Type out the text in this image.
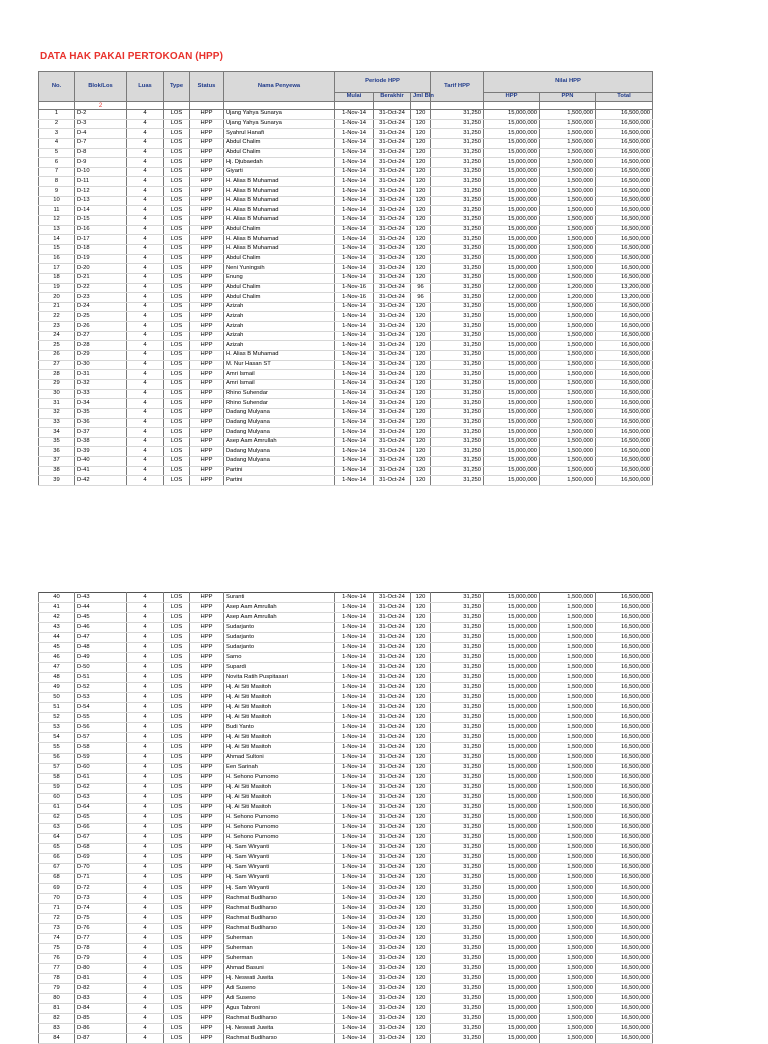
DATA HAK PAKAI PERTOKOAN (HPP)
No.	Blok/Los	Luas	Type	Status	Nama Penyewa	Periode HPP			Tarif HPP	Nilai HPP		
						Mulai	Berakhir	Jml Bln		HPP	PPN	Total
	2											
1	D-2	4	LOS	HPP	Ujang Yahya Sunarya	1-Nov-14	31-Oct-24	120	31,250	15,000,000	1,500,000	16,500,000
2	D-3	4	LOS	HPP	Ujang Yahya Sunarya	1-Nov-14	31-Oct-24	120	31,250	15,000,000	1,500,000	16,500,000
3	D-4	4	LOS	HPP	Syahrul Hanafi	1-Nov-14	31-Oct-24	120	31,250	15,000,000	1,500,000	16,500,000
4	D-7	4	LOS	HPP	Abdul Chalim	1-Nov-14	31-Oct-24	120	31,250	15,000,000	1,500,000	16,500,000
5	D-8	4	LOS	HPP	Abdul Chalim	1-Nov-14	31-Oct-24	120	31,250	15,000,000	1,500,000	16,500,000
6	D-9	4	LOS	HPP	Hj. Djubaedah	1-Nov-14	31-Oct-24	120	31,250	15,000,000	1,500,000	16,500,000
7	D-10	4	LOS	HPP	Giyarti	1-Nov-14	31-Oct-24	120	31,250	15,000,000	1,500,000	16,500,000
8	D-11	4	LOS	HPP	H. Alias B Muhamad	1-Nov-14	31-Oct-24	120	31,250	15,000,000	1,500,000	16,500,000
9	D-12	4	LOS	HPP	H. Alias B Muhamad	1-Nov-14	31-Oct-24	120	31,250	15,000,000	1,500,000	16,500,000
10	D-13	4	LOS	HPP	H. Alias B Muhamad	1-Nov-14	31-Oct-24	120	31,250	15,000,000	1,500,000	16,500,000
11	D-14	4	LOS	HPP	H. Alias B Muhamad	1-Nov-14	31-Oct-24	120	31,250	15,000,000	1,500,000	16,500,000
12	D-15	4	LOS	HPP	H. Alias B Muhamad	1-Nov-14	31-Oct-24	120	31,250	15,000,000	1,500,000	16,500,000
13	D-16	4	LOS	HPP	Abdul Chalim	1-Nov-14	31-Oct-24	120	31,250	15,000,000	1,500,000	16,500,000
14	D-17	4	LOS	HPP	H. Alias B Muhamad	1-Nov-14	31-Oct-24	120	31,250	15,000,000	1,500,000	16,500,000
15	D-18	4	LOS	HPP	H. Alias B Muhamad	1-Nov-14	31-Oct-24	120	31,250	15,000,000	1,500,000	16,500,000
16	D-19	4	LOS	HPP	Abdul Chalim	1-Nov-14	31-Oct-24	120	31,250	15,000,000	1,500,000	16,500,000
17	D-20	4	LOS	HPP	Neni Yuningsih	1-Nov-14	31-Oct-24	120	31,250	15,000,000	1,500,000	16,500,000
18	D-21	4	LOS	HPP	Enung	1-Nov-14	31-Oct-24	120	31,250	15,000,000	1,500,000	16,500,000
19	D-22	4	LOS	HPP	Abdul Chalim	1-Nov-16	31-Oct-24	96	31,250	12,000,000	1,200,000	13,200,000
20	D-23	4	LOS	HPP	Abdul Chalim	1-Nov-16	31-Oct-24	96	31,250	12,000,000	1,200,000	13,200,000
21	D-24	4	LOS	HPP	Azizah	1-Nov-14	31-Oct-24	120	31,250	15,000,000	1,500,000	16,500,000
22	D-25	4	LOS	HPP	Azizah	1-Nov-14	31-Oct-24	120	31,250	15,000,000	1,500,000	16,500,000
23	D-26	4	LOS	HPP	Azizah	1-Nov-14	31-Oct-24	120	31,250	15,000,000	1,500,000	16,500,000
24	D-27	4	LOS	HPP	Azizah	1-Nov-14	31-Oct-24	120	31,250	15,000,000	1,500,000	16,500,000
25	D-28	4	LOS	HPP	Azizah	1-Nov-14	31-Oct-24	120	31,250	15,000,000	1,500,000	16,500,000
26	D-29	4	LOS	HPP	H. Alias B Muhamad	1-Nov-14	31-Oct-24	120	31,250	15,000,000	1,500,000	16,500,000
27	D-30	4	LOS	HPP	M. Nur Hasan ST	1-Nov-14	31-Oct-24	120	31,250	15,000,000	1,500,000	16,500,000
28	D-31	4	LOS	HPP	Amri Ismail	1-Nov-14	31-Oct-24	120	31,250	15,000,000	1,500,000	16,500,000
29	D-32	4	LOS	HPP	Amri Ismail	1-Nov-14	31-Oct-24	120	31,250	15,000,000	1,500,000	16,500,000
30	D-33	4	LOS	HPP	Rhino Suhendar	1-Nov-14	31-Oct-24	120	31,250	15,000,000	1,500,000	16,500,000
31	D-34	4	LOS	HPP	Rhino Suhendar	1-Nov-14	31-Oct-24	120	31,250	15,000,000	1,500,000	16,500,000
32	D-35	4	LOS	HPP	Dadang Mulyana	1-Nov-14	31-Oct-24	120	31,250	15,000,000	1,500,000	16,500,000
33	D-36	4	LOS	HPP	Dadang Mulyana	1-Nov-14	31-Oct-24	120	31,250	15,000,000	1,500,000	16,500,000
34	D-37	4	LOS	HPP	Dadang Mulyana	1-Nov-14	31-Oct-24	120	31,250	15,000,000	1,500,000	16,500,000
35	D-38	4	LOS	HPP	Asep Aam Amrullah	1-Nov-14	31-Oct-24	120	31,250	15,000,000	1,500,000	16,500,000
36	D-39	4	LOS	HPP	Dadang Mulyana	1-Nov-14	31-Oct-24	120	31,250	15,000,000	1,500,000	16,500,000
37	D-40	4	LOS	HPP	Dadang Mulyana	1-Nov-14	31-Oct-24	120	31,250	15,000,000	1,500,000	16,500,000
38	D-41	4	LOS	HPP	Partini	1-Nov-14	31-Oct-24	120	31,250	15,000,000	1,500,000	16,500,000
39	D-42	4	LOS	HPP	Partini	1-Nov-14	31-Oct-24	120	31,250	15,000,000	1,500,000	16,500,000
40	D-43	4	LOS	HPP	Suranti	1-Nov-14	31-Oct-24	120	31,250	15,000,000	1,500,000	16,500,000
41	D-44	4	LOS	HPP	Asep Aam Amrullah	1-Nov-14	31-Oct-24	120	31,250	15,000,000	1,500,000	16,500,000
42	D-45	4	LOS	HPP	Asep Aam Amrullah	1-Nov-14	31-Oct-24	120	31,250	15,000,000	1,500,000	16,500,000
43	D-46	4	LOS	HPP	Sudarjanto	1-Nov-14	31-Oct-24	120	31,250	15,000,000	1,500,000	16,500,000
44	D-47	4	LOS	HPP	Sudarjanto	1-Nov-14	31-Oct-24	120	31,250	15,000,000	1,500,000	16,500,000
45	D-48	4	LOS	HPP	Sudarjanto	1-Nov-14	31-Oct-24	120	31,250	15,000,000	1,500,000	16,500,000
46	D-49	4	LOS	HPP	Sarno	1-Nov-14	31-Oct-24	120	31,250	15,000,000	1,500,000	16,500,000
47	D-50	4	LOS	HPP	Supardi	1-Nov-14	31-Oct-24	120	31,250	15,000,000	1,500,000	16,500,000
48	D-51	4	LOS	HPP	Novita Ratih Puspitasari	1-Nov-14	31-Oct-24	120	31,250	15,000,000	1,500,000	16,500,000
49	D-52	4	LOS	HPP	Hj. Ai Siti Masitoh	1-Nov-14	31-Oct-24	120	31,250	15,000,000	1,500,000	16,500,000
50	D-53	4	LOS	HPP	Hj. Ai Siti Masitoh	1-Nov-14	31-Oct-24	120	31,250	15,000,000	1,500,000	16,500,000
51	D-54	4	LOS	HPP	Hj. Ai Siti Masitoh	1-Nov-14	31-Oct-24	120	31,250	15,000,000	1,500,000	16,500,000
52	D-55	4	LOS	HPP	Hj. Ai Siti Masitoh	1-Nov-14	31-Oct-24	120	31,250	15,000,000	1,500,000	16,500,000
53	D-56	4	LOS	HPP	Budi Yanto	1-Nov-14	31-Oct-24	120	31,250	15,000,000	1,500,000	16,500,000
54	D-57	4	LOS	HPP	Hj. Ai Siti Masitoh	1-Nov-14	31-Oct-24	120	31,250	15,000,000	1,500,000	16,500,000
55	D-58	4	LOS	HPP	Hj. Ai Siti Masitoh	1-Nov-14	31-Oct-24	120	31,250	15,000,000	1,500,000	16,500,000
56	D-59	4	LOS	HPP	Ahmad Sultoni	1-Nov-14	31-Oct-24	120	31,250	15,000,000	1,500,000	16,500,000
57	D-60	4	LOS	HPP	Een Sarinah	1-Nov-14	31-Oct-24	120	31,250	15,000,000	1,500,000	16,500,000
58	D-61	4	LOS	HPP	H. Sehono Purnomo	1-Nov-14	31-Oct-24	120	31,250	15,000,000	1,500,000	16,500,000
59	D-62	4	LOS	HPP	Hj. Ai Siti Masitoh	1-Nov-14	31-Oct-24	120	31,250	15,000,000	1,500,000	16,500,000
60	D-63	4	LOS	HPP	Hj. Ai Siti Masitoh	1-Nov-14	31-Oct-24	120	31,250	15,000,000	1,500,000	16,500,000
61	D-64	4	LOS	HPP	Hj. Ai Siti Masitoh	1-Nov-14	31-Oct-24	120	31,250	15,000,000	1,500,000	16,500,000
62	D-65	4	LOS	HPP	H. Sehono Purnomo	1-Nov-14	31-Oct-24	120	31,250	15,000,000	1,500,000	16,500,000
63	D-66	4	LOS	HPP	H. Sehono Purnomo	1-Nov-14	31-Oct-24	120	31,250	15,000,000	1,500,000	16,500,000
64	D-67	4	LOS	HPP	H. Sehono Purnomo	1-Nov-14	31-Oct-24	120	31,250	15,000,000	1,500,000	16,500,000
65	D-68	4	LOS	HPP	Hj. Sam Wiryanti	1-Nov-14	31-Oct-24	120	31,250	15,000,000	1,500,000	16,500,000
66	D-69	4	LOS	HPP	Hj. Sam Wiryanti	1-Nov-14	31-Oct-24	120	31,250	15,000,000	1,500,000	16,500,000
67	D-70	4	LOS	HPP	Hj. Sam Wiryanti	1-Nov-14	31-Oct-24	120	31,250	15,000,000	1,500,000	16,500,000
68	D-71	4	LOS	HPP	Hj. Sam Wiryanti	1-Nov-14	31-Oct-24	120	31,250	15,000,000	1,500,000	16,500,000
69	D-72	4	LOS	HPP	Hj. Sam Wiryanti	1-Nov-14	31-Oct-24	120	31,250	15,000,000	1,500,000	16,500,000
70	D-73	4	LOS	HPP	Rachmat Budiharso	1-Nov-14	31-Oct-24	120	31,250	15,000,000	1,500,000	16,500,000
71	D-74	4	LOS	HPP	Rachmat Budiharso	1-Nov-14	31-Oct-24	120	31,250	15,000,000	1,500,000	16,500,000
72	D-75	4	LOS	HPP	Rachmat Budiharso	1-Nov-14	31-Oct-24	120	31,250	15,000,000	1,500,000	16,500,000
73	D-76	4	LOS	HPP	Rachmat Budiharso	1-Nov-14	31-Oct-24	120	31,250	15,000,000	1,500,000	16,500,000
74	D-77	4	LOS	HPP	Suherman	1-Nov-14	31-Oct-24	120	31,250	15,000,000	1,500,000	16,500,000
75	D-78	4	LOS	HPP	Suherman	1-Nov-14	31-Oct-24	120	31,250	15,000,000	1,500,000	16,500,000
76	D-79	4	LOS	HPP	Suherman	1-Nov-14	31-Oct-24	120	31,250	15,000,000	1,500,000	16,500,000
77	D-80	4	LOS	HPP	Ahmad Basuni	1-Nov-14	31-Oct-24	120	31,250	15,000,000	1,500,000	16,500,000
78	D-81	4	LOS	HPP	Hj. Neswati Juwita	1-Nov-14	31-Oct-24	120	31,250	15,000,000	1,500,000	16,500,000
79	D-82	4	LOS	HPP	Adi Suseno	1-Nov-14	31-Oct-24	120	31,250	15,000,000	1,500,000	16,500,000
80	D-83	4	LOS	HPP	Adi Suseno	1-Nov-14	31-Oct-24	120	31,250	15,000,000	1,500,000	16,500,000
81	D-84	4	LOS	HPP	Agus Tabroni	1-Nov-14	31-Oct-24	120	31,250	15,000,000	1,500,000	16,500,000
82	D-85	4	LOS	HPP	Rachmat Budiharso	1-Nov-14	31-Oct-24	120	31,250	15,000,000	1,500,000	16,500,000
83	D-86	4	LOS	HPP	Hj. Neswati Juwita	1-Nov-14	31-Oct-24	120	31,250	15,000,000	1,500,000	16,500,000
84	D-87	4	LOS	HPP	Rachmat Budiharso	1-Nov-14	31-Oct-24	120	31,250	15,000,000	1,500,000	16,500,000
